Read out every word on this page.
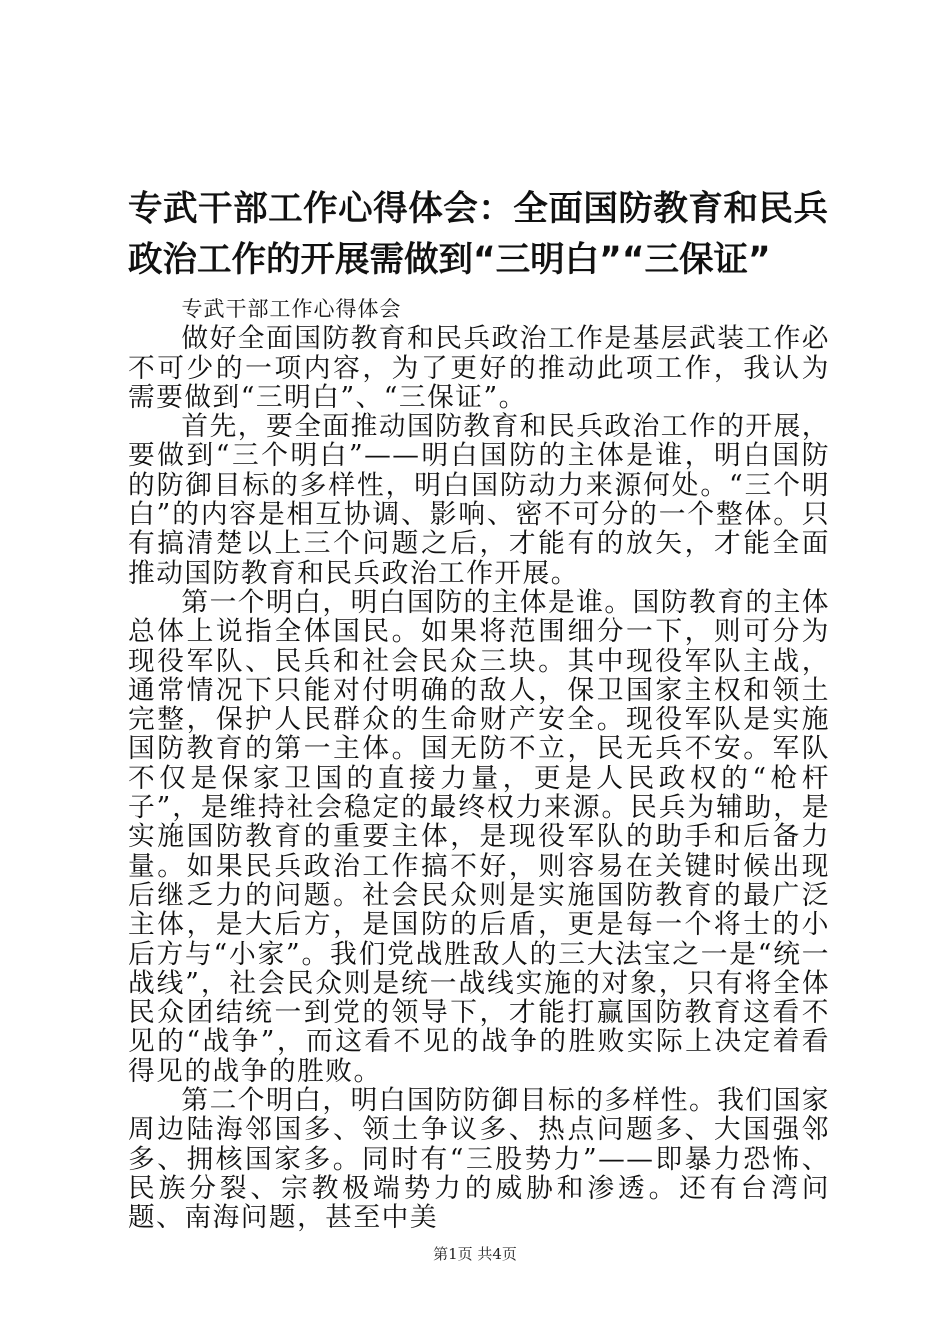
专武干部工作心得体会：全面国防教育和民兵政治工作的开展需做到“三明白”“三保证”

专武干部工作心得体会

做好全面国防教育和民兵政治工作是基层武装工作必不可少的一项内容，为了更好的推动此项工作，我认为需要做到“三明白”、“三保证”。

首先，要全面推动国防教育和民兵政治工作的开展，要做到“三个明白”——明白国防的主体是谁，明白国防的防御目标的多样性，明白国防动力来源何处。“三个明白”的内容是相互协调、影响、密不可分的一个整体。只有搞清楚以上三个问题之后，才能有的放矢，才能全面推动国防教育和民兵政治工作开展。

第一个明白，明白国防的主体是谁。国防教育的主体总体上说指全体国民。如果将范围细分一下，则可分为现役军队、民兵和社会民众三块。其中现役军队主战，通常情况下只能对付明确的敌人，保卫国家主权和领土完整，保护人民群众的生命财产安全。现役军队是实施国防教育的第一主体。国无防不立，民无兵不安。军队不仅是保家卫国的直接力量，更是人民政权的“枪杆子”，是维持社会稳定的最终权力来源。民兵为辅助，是实施国防教育的重要主体，是现役军队的助手和后备力量。如果民兵政治工作搞不好，则容易在关键时候出现后继乏力的问题。社会民众则是实施国防教育的最广泛主体，是大后方，是国防的后盾，更是每一个将士的小后方与“小家”。我们党战胜敌人的三大法宝之一是“统一战线”，社会民众则是统一战线实施的对象，只有将全体民众团结统一到党的领导下，才能打赢国防教育这看不见的“战争”，而这看不见的战争的胜败实际上决定着看得见的战争的胜败。

第二个明白，明白国防防御目标的多样性。我们国家周边陆海邻国多、领土争议多、热点问题多、大国强邻多、拥核国家多。同时有“三股势力”——即暴力恐怖、民族分裂、宗教极端势力的威胁和渗透。还有台湾问题、南海问题，甚至中美

第1页 共4页
